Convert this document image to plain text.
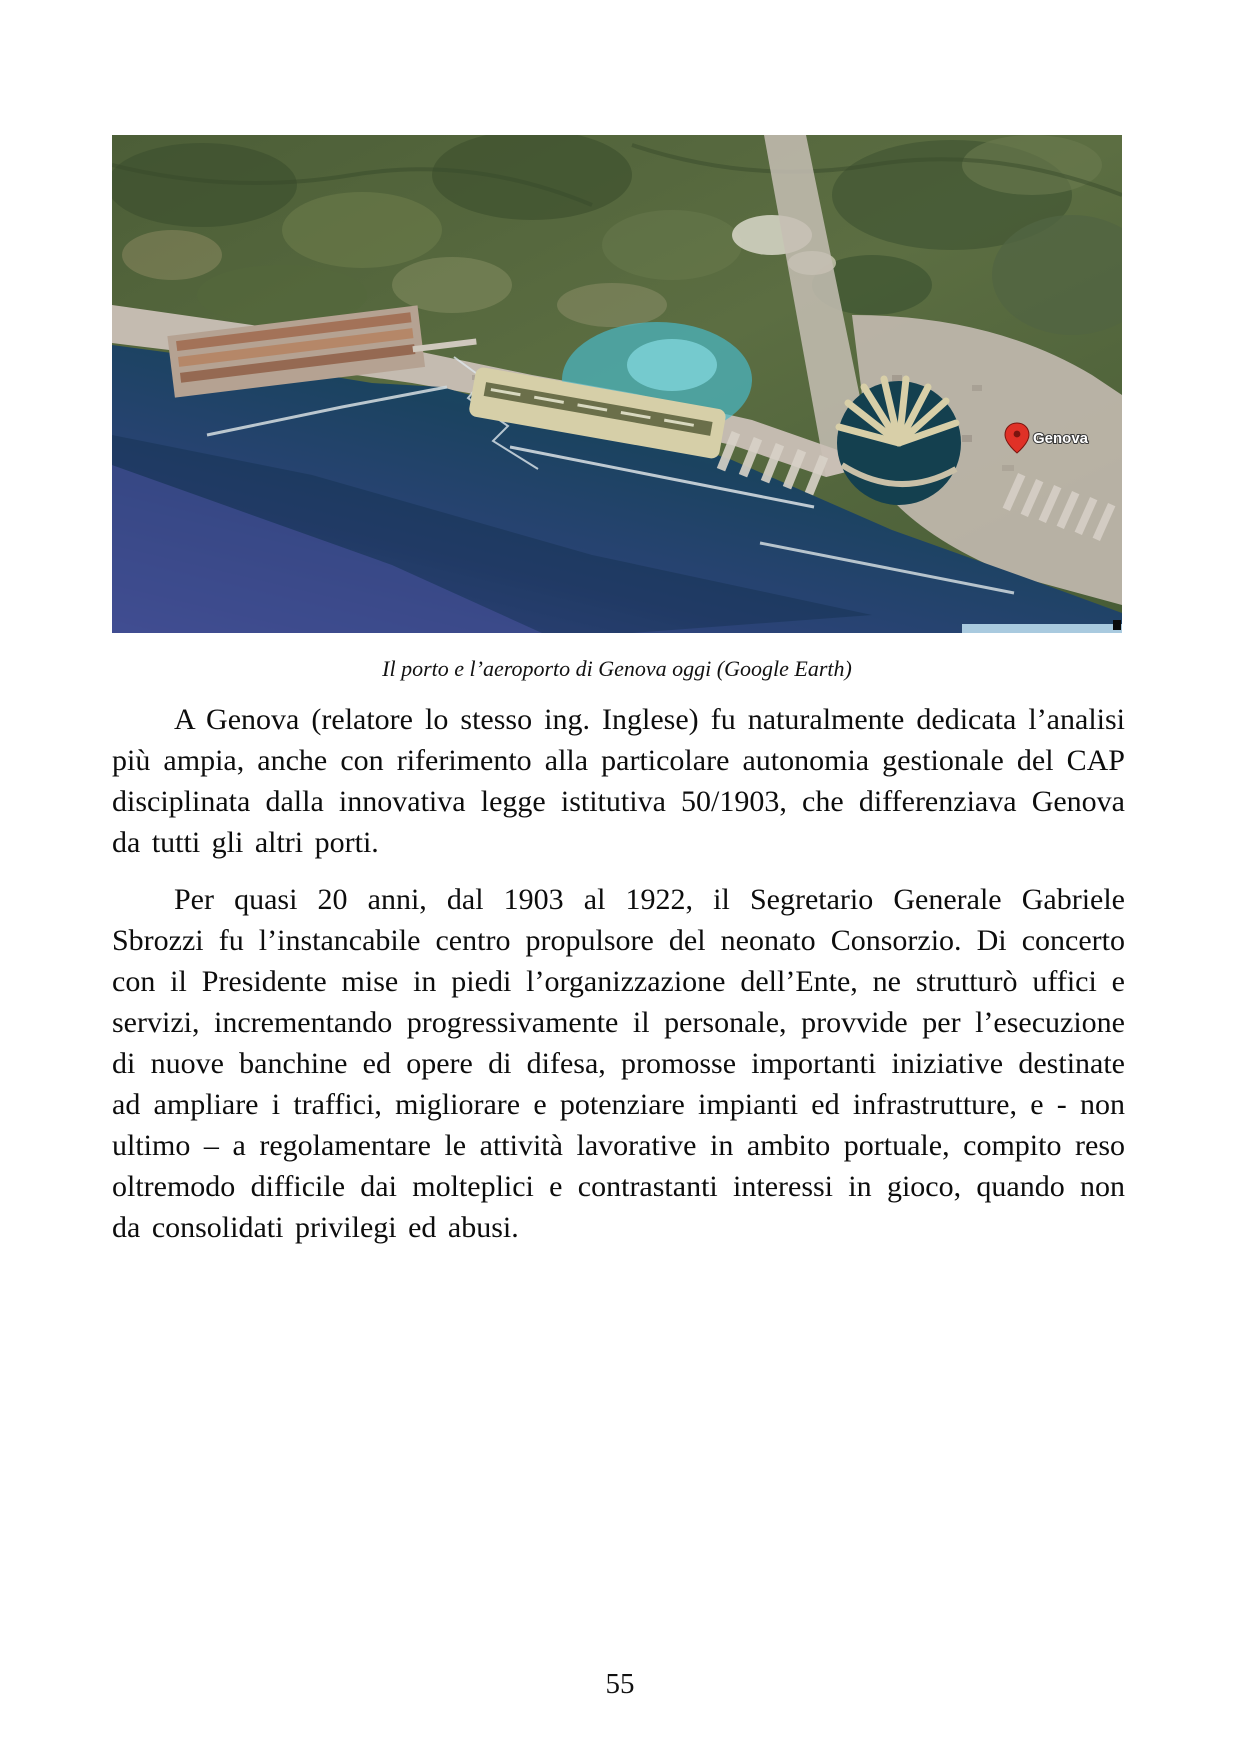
Genova
Il porto e l’aeroporto di Genova oggi (Google Earth)

A Genova (relatore lo stesso ing. Inglese) fu naturalmente dedicata l’analisi più ampia, anche con riferimento alla particolare autonomia gestionale del CAP disciplinata dalla innovativa legge istitutiva 50/1903, che differenziava Genova da tutti gli altri porti.

Per quasi 20 anni, dal 1903 al 1922, il Segretario Generale Gabriele Sbrozzi fu l’instancabile centro propulsore del neonato Consorzio. Di concerto con il Presidente mise in piedi l’organizzazione dell’Ente, ne strutturò uffici e servizi, incrementando progressivamente il personale, provvide per l’esecuzione di nuove banchine ed opere di difesa, promosse importanti iniziative destinate ad ampliare i traffici, migliorare e potenziare impianti ed infrastrutture, e - non ultimo – a regolamentare le attività lavorative in ambito portuale, compito reso oltremodo difficile dai molteplici e contrastanti interessi in gioco, quando non da consolidati privilegi ed abusi.

55
